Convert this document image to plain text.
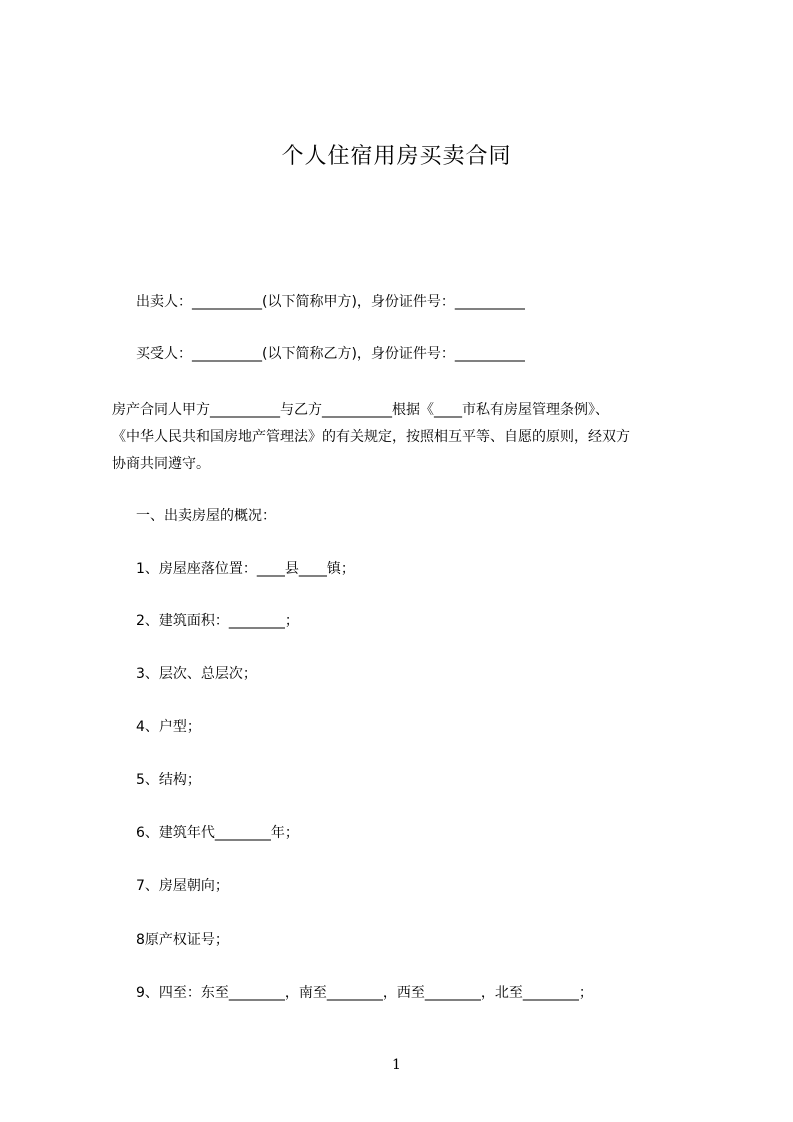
个人住宿用房买卖合同
出卖人：__________(以下简称甲方)，身份证件号：__________
买受人：__________(以下简称乙方)，身份证件号：__________

房产合同人甲方__________与乙方__________根据《____市私有房屋管理条例》、

《中华人民共和国房地产管理法》的有关规定，按照相互平等、自愿的原则，经双方

协商共同遵守。

一、出卖房屋的概况：
1、房屋座落位置：____县____镇；
2、建筑面积：________；
3、层次、总层次；
4、户型；
5、结构；
6、建筑年代________年；
7、房屋朝向；
8原产权证号；
9、四至：东至________，南至________，西至________，北至________；
1
